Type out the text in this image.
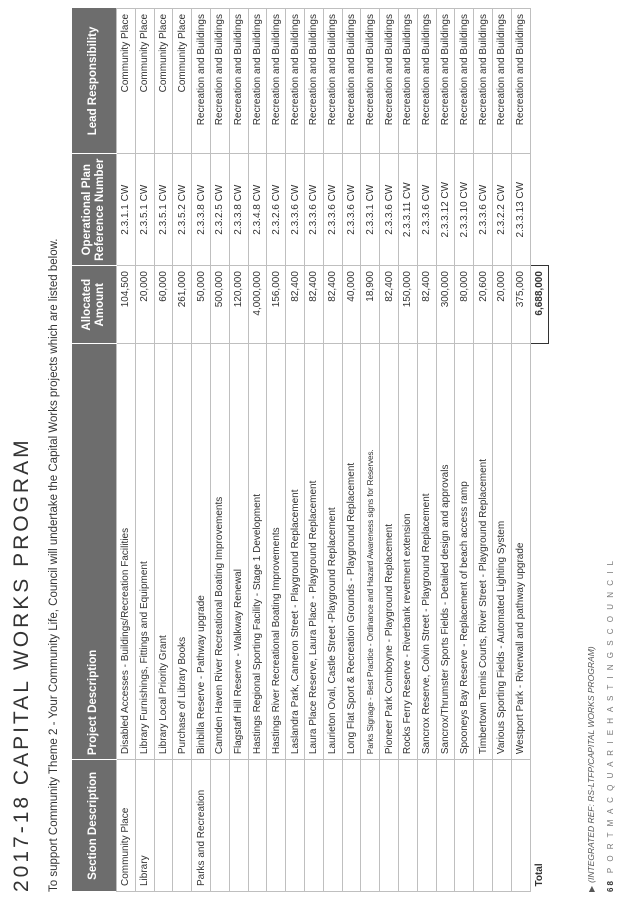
2017-18 CAPITAL WORKS PROGRAM To support Community Theme 2 - Your Community Life, Council will undertake the Capital Works projects which are listed below. Section Description	Project Description	Allocated Amount	Operational Plan Reference Number	Lead Responsibility
Community Place	Disabled Accesses - Buildings/Recreation Facilities	104,500	2.3.1.1 CW	Community Place
Library	Library Furnishings, Fittings and Equipment	20,000	2.3.5.1 CW	Community Place
	Library Local Priority Grant	60,000	2.3.5.1 CW	Community Place
	Purchase of Library Books	261,000	2.3.5.2 CW	Community Place
Parks and Recreation	Binbilla Reserve - Pathway upgrade	50,000	2.3.3.8 CW	Recreation and Buildings
	Camden Haven River Recreational Boating Improvements	500,000	2.3.2.5 CW	Recreation and Buildings
	Flagstaff Hill Reserve - Walkway Renewal	120,000	2.3.3.8 CW	Recreation and Buildings
	Hastings Regional Sporting Facility - Stage 1 Development	4,000,000	2.3.4.8 CW	Recreation and Buildings
	Hastings River Recreational Boating Improvements	156,000	2.3.2.6 CW	Recreation and Buildings
	Laslandra Park, Cameron Street - Playground Replacement	82,400	2.3.3.6 CW	Recreation and Buildings
	Laura Place Reserve, Laura Place - Playground Replacement	82,400	2.3.3.6 CW	Recreation and Buildings
	Laurieton Oval, Castle Street -Playground Replacement	82,400	2.3.3.6 CW	Recreation and Buildings
	Long Flat Sport & Recreation Grounds - Playground Replacement	40,000	2.3.3.6 CW	Recreation and Buildings
	Parks Signage - Best Practice - Ordinance and Hazard Awareness signs for Reserves.	18,900	2.3.3.1 CW	Recreation and Buildings
	Pioneer Park Comboyne - Playground Replacement	82,400	2.3.3.6 CW	Recreation and Buildings
	Rocks Ferry Reserve - Riverbank revetment extension	150,000	2.3.3.11 CW	Recreation and Buildings
	Sancrox Reserve, Colvin Street - Playground Replacement	82,400	2.3.3.6 CW	Recreation and Buildings
	Sancrox/Thrumster Sports Fields - Detailed design and approvals	300,000	2.3.3.12 CW	Recreation and Buildings
	Spooneys Bay Reserve - Replacement of beach access ramp	80,000	2.3.3.10 CW	Recreation and Buildings
	Timbertown Tennis Courts, River Street - Playground Replacement	20,600	2.3.3.6 CW	Recreation and Buildings
	Various Sporting Fields - Automated Lighting System	20,000	2.3.2.2 CW	Recreation and Buildings
	Westport Park - Riverwall and pathway upgrade	375,000	2.3.3.13 CW	Recreation and Buildings
Total		6,688,000		
▶(INTEGRATED REF: RS-LTFP/CAPITAL WORKS PROGRAM)
68P O R T M A C Q U A R I E H A S T I N G S C O U N C I L
